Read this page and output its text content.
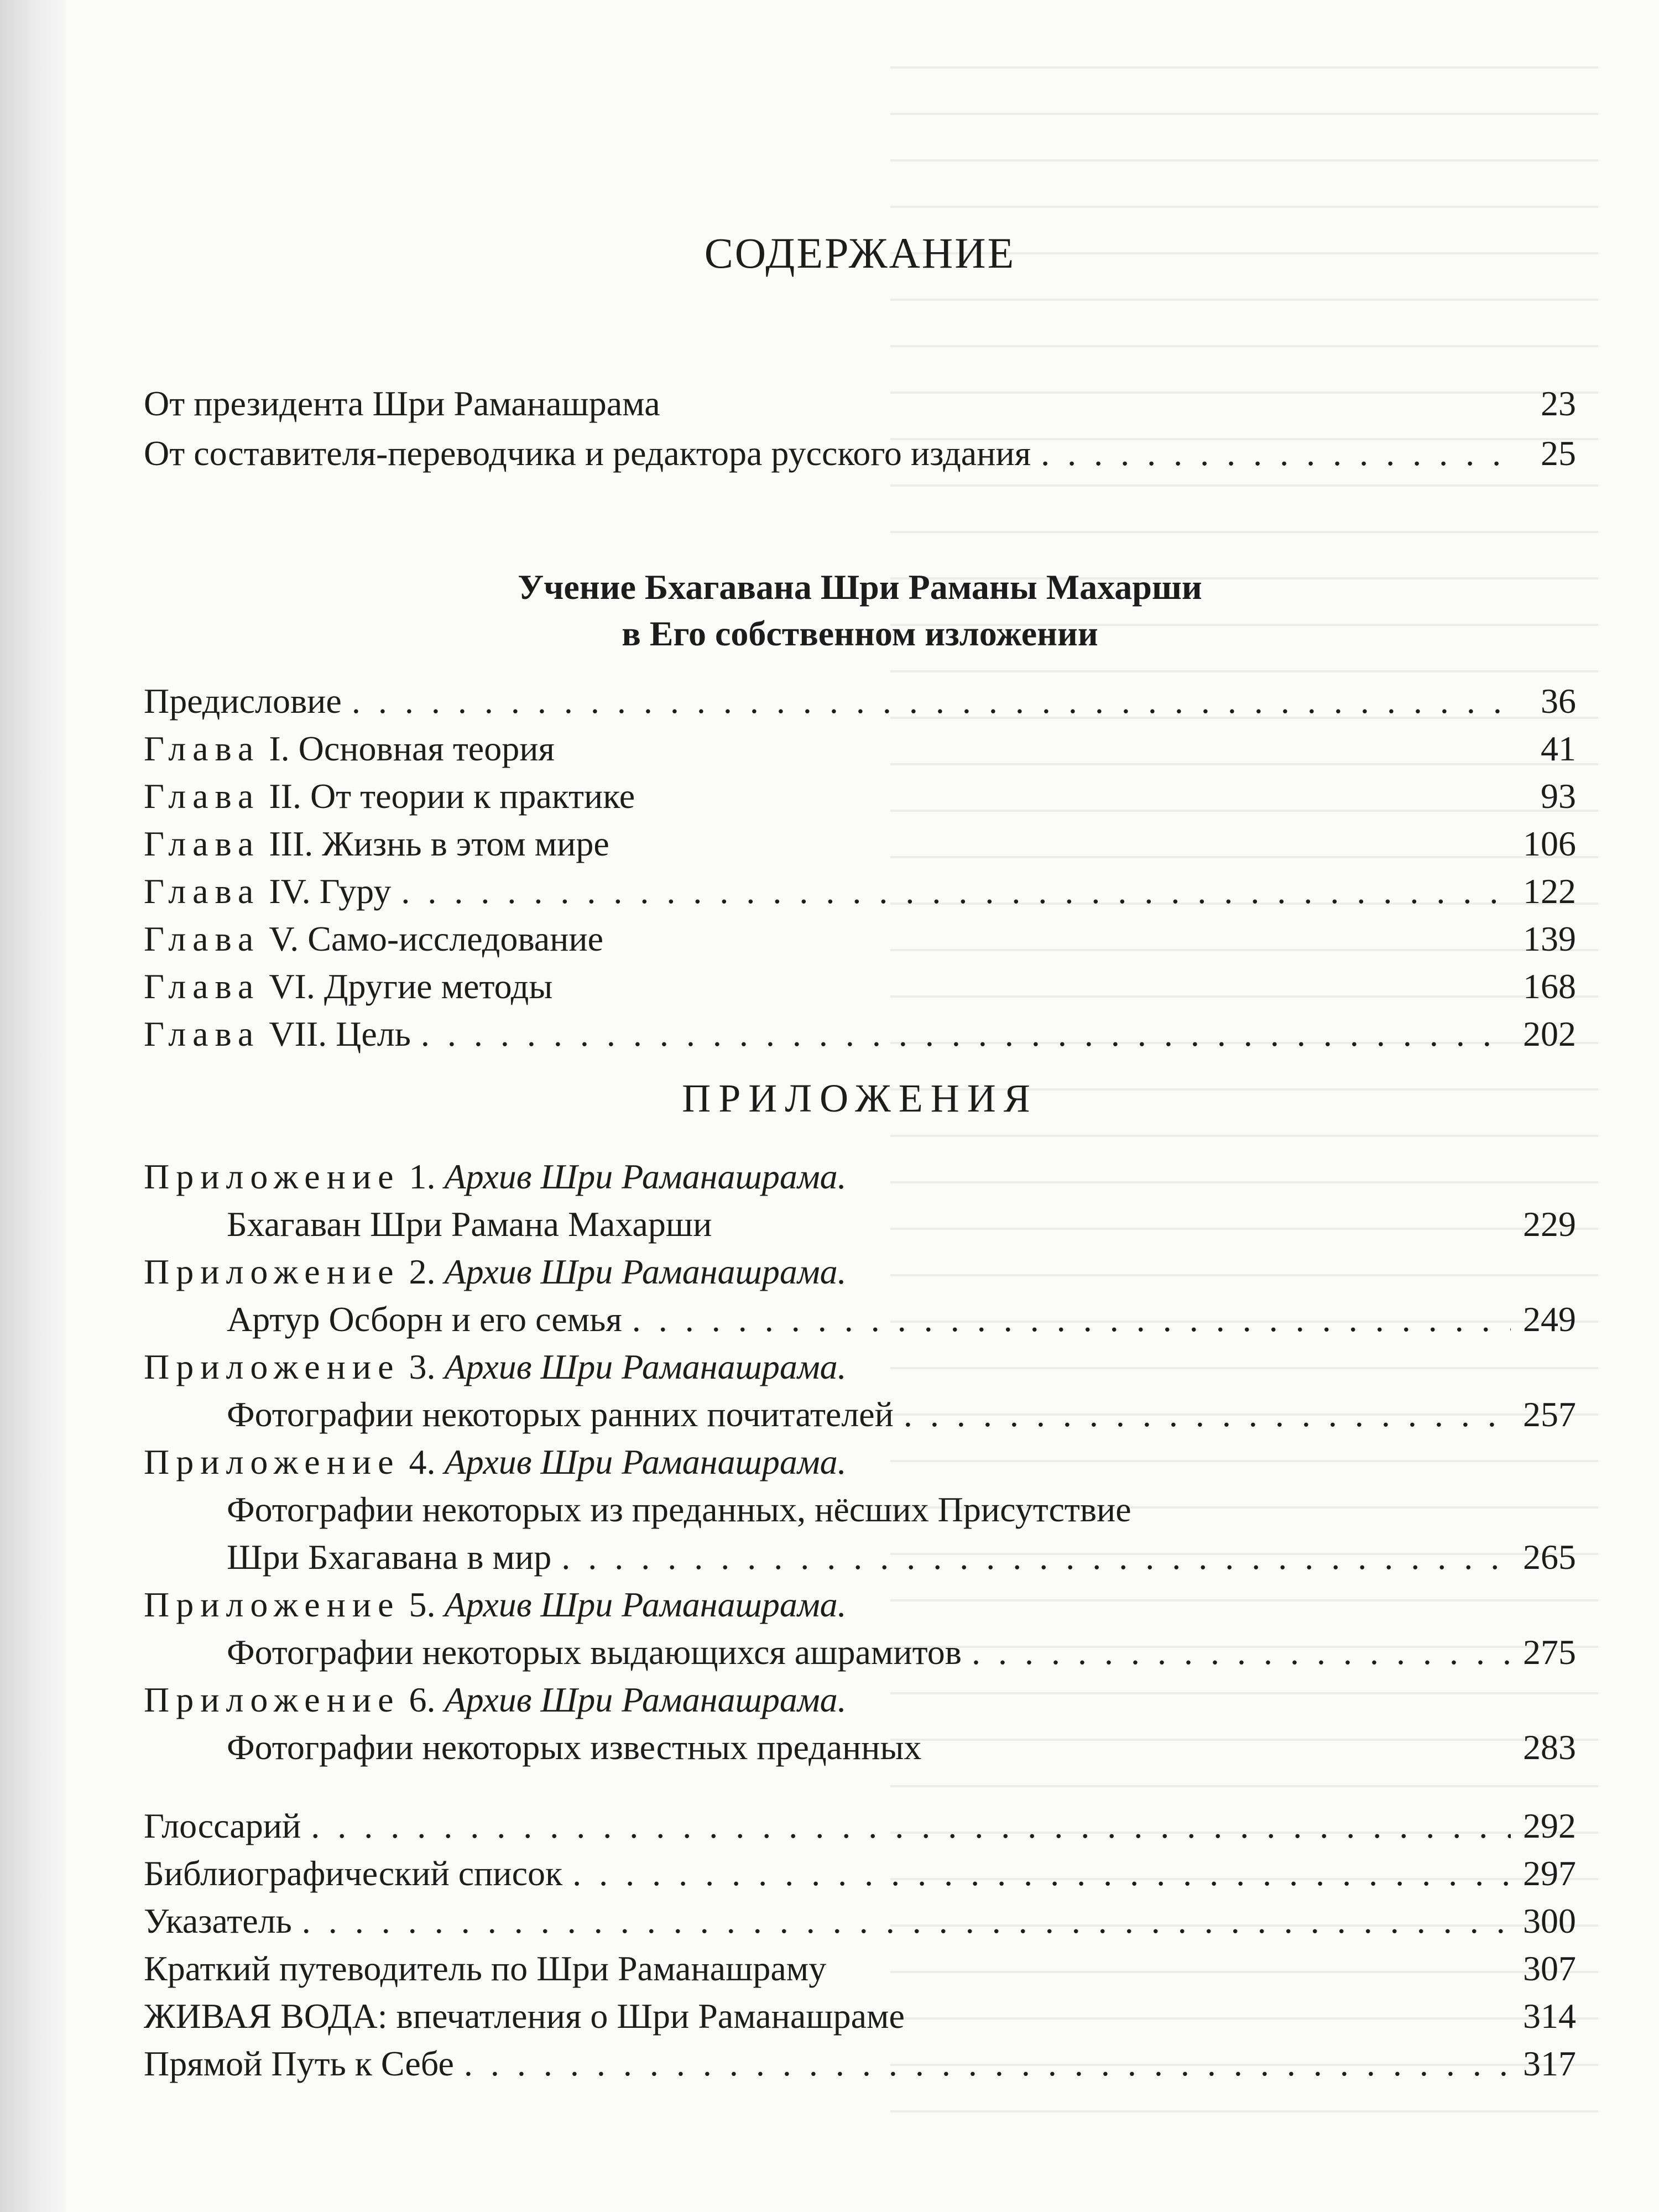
СОДЕРЖАНИЕ
От президента Шри Раманашрама	23
От составителя-переводчика и редактора русского издания . . .	25
Учение Бхагавана Шри Раманы Махарши
в Его собственном изложении
Предисловие . . .	36
Глава I. Основная теория	41
Глава II. От теории к практике	93
Глава III. Жизнь в этом мире	106
Глава IV. Гуру . . .	122
Глава V. Само-исследование	139
Глава VI. Другие методы	168
Глава VII. Цель . . .	202
ПРИЛОЖЕНИЯ
Приложение 1. Архив Шри Раманашрама.
Бхагаван Шри Рамана Махарши	229
Приложение 2. Архив Шри Раманашрама.
Артур Осборн и его семья . . .	249
Приложение 3. Архив Шри Раманашрама.
Фотографии некоторых ранних почитателей . . .	257
Приложение 4. Архив Шри Раманашрама.
Фотографии некоторых из преданных, нёсших Присутствие
Шри Бхагавана в мир . . .	265
Приложение 5. Архив Шри Раманашрама.
Фотографии некоторых выдающихся ашрамитов . . .	275
Приложение 6. Архив Шри Раманашрама.
Фотографии некоторых известных преданных	283
Глоссарий . . .	292
Библиографический список . . .	297
Указатель . . .	300
Краткий путеводитель по Шри Раманашраму	307
ЖИВАЯ ВОДА: впечатления о Шри Раманашраме	314
Прямой Путь к Себе . . .	317
